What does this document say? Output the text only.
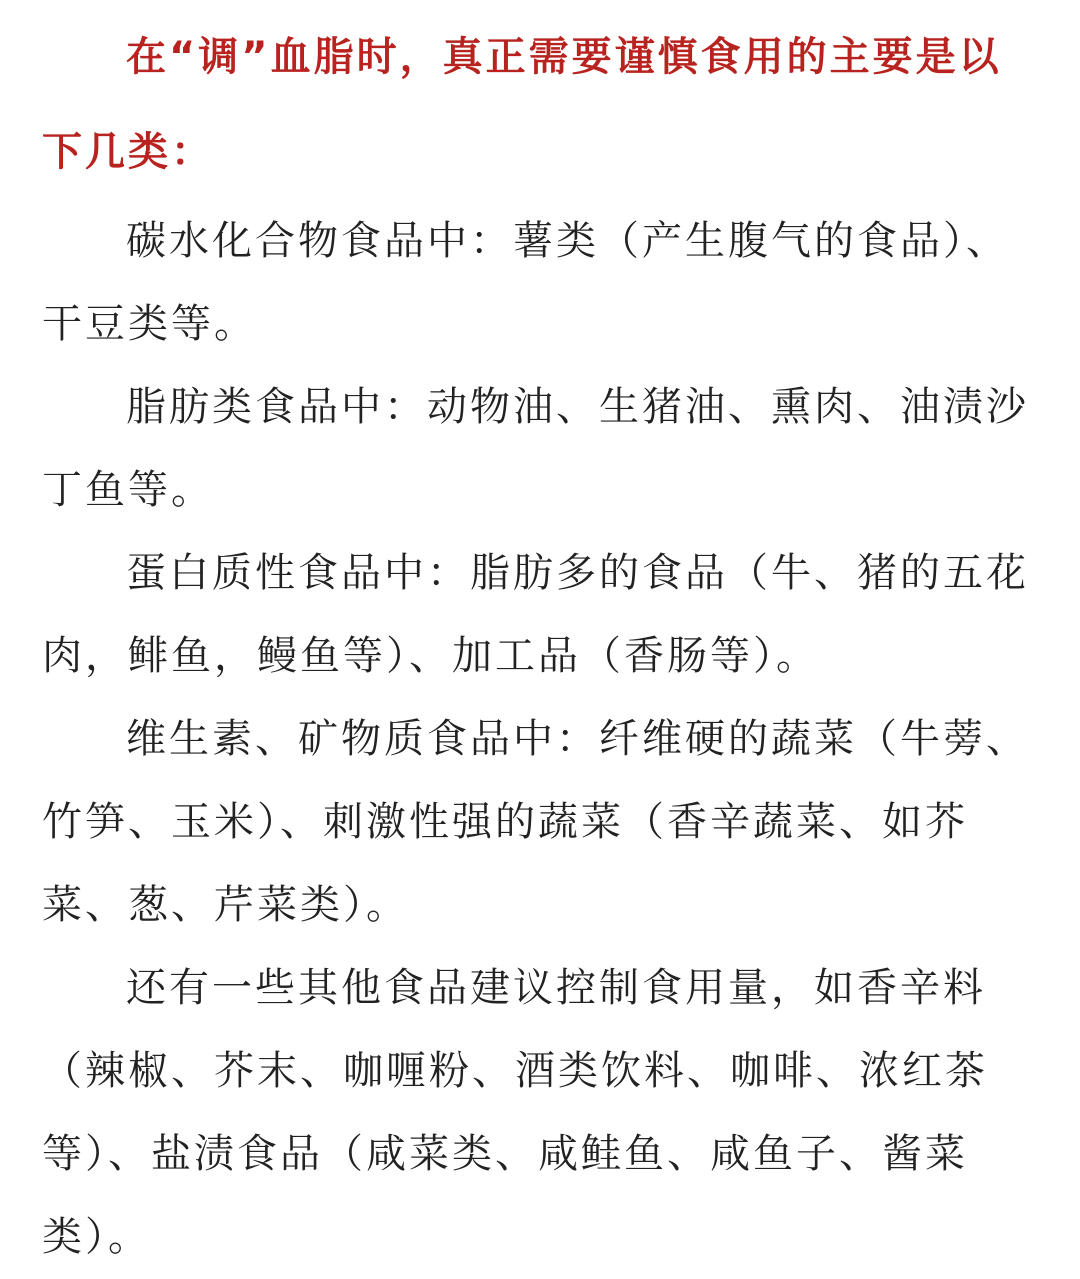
在“调”血脂时，真正需要谨慎食用的主要是以下几类：

碳水化合物食品中：薯类（产生腹气的食品）、干豆类等。

脂肪类食品中：动物油、生猪油、熏肉、油渍沙丁鱼等。

蛋白质性食品中：脂肪多的食品（牛、猪的五花肉，鲱鱼，鳗鱼等）、加工品（香肠等）。

维生素、矿物质食品中：纤维硬的蔬菜（牛蒡、竹笋、玉米）、刺激性强的蔬菜（香辛蔬菜、如芥菜、葱、芹菜类）。

还有一些其他食品建议控制食用量，如香辛料（辣椒、芥末、咖喱粉、酒类饮料、咖啡、浓红茶等）、盐渍食品（咸菜类、咸鲑鱼、咸鱼子、酱菜类）。
